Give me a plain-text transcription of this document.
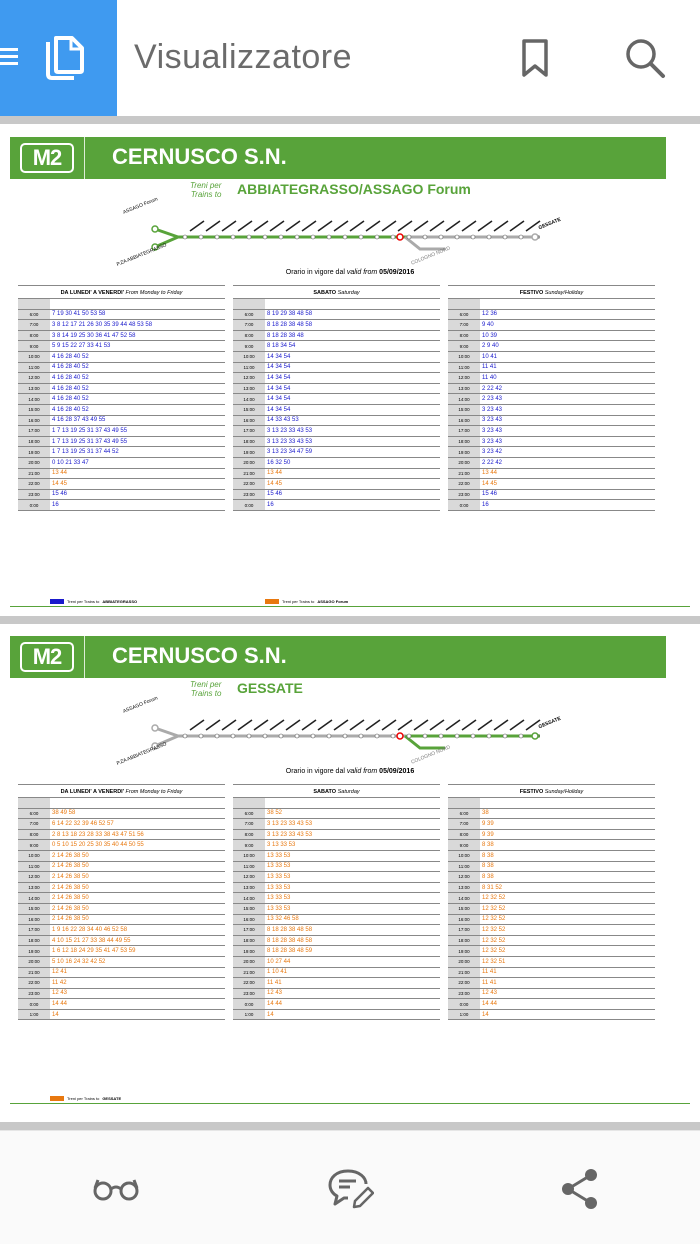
Visualizzatore
M2	CERNUSCO S.N.
Treni per
Trains to ABBIATEGRASSO/ASSAGO Forum
ASSAGO Forum
P.ZA ABBIATEGRASSO	COLOGNO NORD
GESSATE
Orario in vigore dal valid from 05/09/2016
DA LUNEDI' A VENERDI' From Monday to Friday
6:00	7 19 30 41 50 53 58
7:00	3 8 12 17 21 26 30 35 39 44 48 53 58
8:00	3 8 14 19 25 30 36 41 47 52 58
9:00	5 9 15 22 27 33 41 53
10:00	4 16 28 40 52
11:00	4 16 28 40 52
12:00	4 16 28 40 52
13:00	4 16 28 40 52
14:00	4 16 28 40 52
15:00	4 16 28 40 52
16:00	4 16 28 37 43 49 55
17:00	1 7 13 19 25 31 37 43 49 55
18:00	1 7 13 19 25 31 37 43 49 55
19:00	1 7 13 19 25 31 37 44 52
20:00	0 10 21 33 47
21:00	13 44
22:00	14 45
23:00	15 46
0:00	16
SABATO Saturday
6:00	8 19 29 38 48 58
7:00	8 18 28 38 48 58
8:00	8 18 28 38 48
9:00	8 18 34 54
10:00	14 34 54
11:00	14 34 54
12:00	14 34 54
13:00	14 34 54
14:00	14 34 54
15:00	14 34 54
16:00	14 33 43 53
17:00	3 13 23 33 43 53
18:00	3 13 23 33 43 53
19:00	3 13 23 34 47 59
20:00	16 32 50
21:00	13 44
22:00	14 45
23:00	15 46
0:00	16
FESTIVO Sunday/Holiday
6:00	12 36
7:00	9 40
8:00	10 39
9:00	2 9 40
10:00	10 41
11:00	11 41
12:00	11 40
13:00	2 22 42
14:00	2 23 43
15:00	3 23 43
16:00	3 23 43
17:00	3 23 43
18:00	3 23 43
19:00	3 23 42
20:00	2 22 42
21:00	13 44
22:00	14 45
23:00	15 46
0:00	16
Treni per Trains to ABBIATEGRASSO	Treni per Trains to ASSAGO Forum
M2	CERNUSCO S.N.
Treni per
Trains to GESSATE
ASSAGO Forum
P.ZA ABBIATEGRASSO	COLOGNO NORD
GESSATE
Orario in vigore dal valid from 05/09/2016
DA LUNEDI' A VENERDI' From Monday to Friday
6:00	38 49 58
7:00	6 14 22 32 39 46 52 57
8:00	2 8 13 18 23 28 33 38 43 47 51 56
9:00	0 5 10 15 20 25 30 35 40 44 50 55
10:00	2 14 26 38 50
11:00	2 14 26 38 50
12:00	2 14 26 38 50
13:00	2 14 26 38 50
14:00	2 14 26 38 50
15:00	2 14 26 38 50
16:00	2 14 26 38 50
17:00	1 9 16 22 28 34 40 46 52 58
18:00	4 10 15 21 27 33 38 44 49 55
19:00	1 6 12 18 24 29 35 41 47 53 59
20:00	5 10 16 24 32 42 52
21:00	12 41
22:00	11 42
23:00	12 43
0:00	14 44
1:00	14
SABATO Saturday
6:00	38 52
7:00	3 13 23 33 43 53
8:00	3 13 23 33 43 53
9:00	3 13 33 53
10:00	13 33 53
11:00	13 33 53
12:00	13 33 53
13:00	13 33 53
14:00	13 33 53
15:00	13 33 53
16:00	13 32 46 58
17:00	8 18 28 38 48 58
18:00	8 18 28 38 48 58
19:00	8 18 28 38 48 59
20:00	10 27 44
21:00	1 10 41
22:00	11 41
23:00	12 43
0:00	14 44
1:00	14
FESTIVO Sunday/Holiday
6:00	38
7:00	9 39
8:00	9 39
9:00	8 38
10:00	8 38
11:00	8 38
12:00	8 38
13:00	8 31 52
14:00	12 32 52
15:00	12 32 52
16:00	12 32 52
17:00	12 32 52
18:00	12 32 52
19:00	12 32 52
20:00	12 32 51
21:00	11 41
22:00	11 41
23:00	12 43
0:00	14 44
1:00	14
Treni per Trains to GESSATE
